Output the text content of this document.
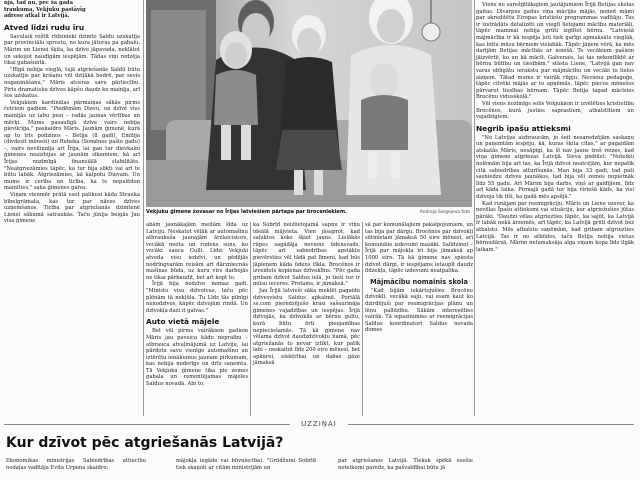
njā, tad nu, pēc šā gada
traukuma, Vekjuku pastāvīg
adrese atkal ir Latvijā.

Atved līdzi rudu īru

Savulaik rožtīt rīdzinieki dzimto Saldu uzskatīja par provinciālu sprostu, no kura jāturas pa gabalu. Mārim un Lienei šķita, ka dzīve jāpavada, neklātot un sekojot naudīgām iespējām. Tādas viņi redzēja tikai gabašuntā.

"Rīgā nebija vieglā, tajā atgriešanās Saldū būtu uzskatījis par krišanu vēl dziļākā bedrē, par sevis noganināšanu," Māris atceras savu pārliecību. Pirts dramatisku dzīves kāpšu daudz ko mainīja, arī šos uzskatus.

Vekjukiem kardinālas pārmaiņas sākās pirms četriem gadiem. "Piedēmām Dievu, un dzīvē viss mainījās uz labu pusi – radās jaunas vērtības un mērķi. Mums pasaulīgā dzīve vairs nebija pievilcīga," paskaidro Māris. Jaunām ģimenē, kurā ap to īrls podziņos – Betija (8 gadi), Emīlija (divdesit mēneši) un Rebeka (Somēnes pašlu gadu) –, vairs neviliņnīja arī Īrija, lai gan tur dievkalni ģimenes neaizbijas ar jaunām sīkumiem, kā arī Īrijas nozīmīgā finansiālā stabilitāte. "Neatgriezāmies tāpēc, ka tur bija slikti vai arī te būtu labāk. Atgriezāmies, lai kalpotu Dievam. Un mums ir cerība un ticība, ka te nepalēdon mainīties," saka ģimenes galva.

Viņam vienmēr prātā esot palikusi kāda Strauka bībelgrāmata, kas tur par nāves dzīves uzņemšanos. Ticība par atgriežanās dzimtenē Lienei sākumā satraukās. Taču jūnija beigās Jau visa ģimene

Vekjuku ģimene šovasar no Īrijas latviešiem pārtapa par brocenlekiem.	Andreja Sergejeva foto

abām jaunākajām meitām šīda uz Latviju. Neskatot vēlāk ar automašīnu atbraukuša jaunajām ārzlaicistors, vecākā meita un rudens suns, ko vecāki sauca Gulli. Līdzi Vekjuki atveda visu iedzīvi, un pēdējās nodrīngvarām reisām arī dārzniecnās mašīnas būda, uz kuru vīrs darbojās ne tikai pārbaudit, bet arī kopt to.

Īrijā bija nodzīvo nemaz gadi. "Ministo visu dzīvotvas, taču pēc plēnām tā nekļūla. Tu Līdz tās pilnīgi nenodzīvos, kāpēc dzīvojām rindā. Un dzīvokļa dazi it galvas."

Auto vietā mājele

Bet vēl pirms vairākiem gadiem Māris jau paveica kādu nepraību – atbrauca atvaļinājumā uz Latviju, lai pārdotu savu vienīgo automašīnu un iztērētu ienākumus jaunam pirkumam, kas nebija noderīgs un drīz saņemta. Tā Vekjuku ģimene tika pie zemes gabala un remontējamas mājeles Saldus novadā. Abi to,

ka Sobrīd neizlietojamā sapņu ir viņu ideālā mājvieta. Vien jāsaprot, kad saļuktos koks šķiet jauns. Lielākās rūpes sagādāja neviens ūdensvads, tāpēc arī sabiedrības apstāklu pievērsties vēl tādā pat līmeni, kad būs jāpieņem kāda ūdens tīkla. Brocēnos ir izveidots kopienas dzīvoklīns. "Pēc gada gribam dzīvot Saldus ielā, jo tieši tur ir mūsu ieceres. Protams, ir jāmaksā."

Jau Īrijā latvieši sāka meklēt pagaidu dzīvesvietu Saldus apkaimē. Portālā ss.com pieredzējušo krasi sašaurināja ģimenes vajadzības un iespējas. Īrijā dzīvojās, ka dzīvoklīs ar bērnu gultu, kurā būtu ērti pieejamības nepieciešamās. Tā kā ģimene nav vēlama dzīvot daudzdzīvokļu namā, pēc atgriežanās to nevar iztikt, kur patīk labi – neskaitot līdz 200 eiro mēnesī, bet apkurei, elektrībai un dabas gāze jāmaksā

sā par komunālajiem pakalpojumiem, un tas bija par dārgu. Brocēnos par dzīvokļi sūtmistam jāmaksā 50 eiro mēnesī, arī komunālie izdevumi mazāki. Salīdzinot – Īrijā par mājokļa īri bija jāmaksā ap 1000 eiro. Tā kā ģimene nav spiesta dzīvot dārgi, ir iespējams ietaupīt daudz līdzekļu, tāpēc izdevumi neatpalika.

Mājmācību nomainīs skola

"Kad bijām iekārtojušies Brocēnu dzīvoklī, vecākā saju, vai esam kaut ko dzirdējuši par reemigrācijas plānu un lēņu palīdzību. Sākām interesēties vairāk. Tā iepazinimies ar reemigrācijas Saldus koordinatori Saldus novada domes

Viens no sarežģītākajiem jautājumiem Īrijā Betijas skolas gaitas. Divarpus gadus viņa mācījās mājās, ņemot māmi par akreditētu Eiropas kristiešu programmas vadītāju. Tas ir izstrādāts detalizēti un vieglī lietojami mācību materiāli, tāpēc mammai nebija grūti izglītot bērnu. "Latviešā mājmācība ir kā iespēja ļoti tiek garīgi apmaksāts vieglāk, kas būtu mūsu bērniem vislabāk. Tāpēc jāņem vērā, ka mēs darījām Betijas mācībās ar ienešā. Te vecākiem pašiem jāizvērtē, ko un kā mācīt. Galvenais, lai tas nekonfliktē ar bērnu būtību un tiesībām," stāsta Liene, "Latvijā gan nav varas obligātu ierakstu par mājmācību un vecāki to lielos aizņem. Tātad mums ir vairāk rūpju. Nevienu pedagoģe, tāpēc cilvēki mājās ar to apņēmās, tāpēc piecos mēnešos pārvarot tiesības bērnam. Tāpēc Betija tagad mācīsies Brocēnu vidusskolā."

Vēl viens nozīmīgs solis Vekjukiem ir izvēlēties kristietību Brocēnos, kurā justies saprastiem, atbalstītiem un vajadzīgiem.

Negrib īpašu attieksmi

"No Latvijas aizbraucām, jo šeit nesaredzējām saskaņu un paņemtām iespēju, kā, kuras šķita citas," ar pagaidām atskatās Māris, nesāpīgi, ka šī nav jauns treš reizes, kad viņa ģimene atgriezas Latvijā. Sieva piebilst: "Noteikti nolēmām bija arī tas, ka Īrijā dzīvot neatcējām, kur nepatīk citā sabiedrības atturīšanās. Man bija 33 gadi, tad pati sasniedzu dzīves jaunākos, tad bija vēl zemes nopietnāk līdz 55 gadu. Arī Mārim bija darbs, viņš ar gaidījiem, līdz arī kāda laika. Pirmajā gadā tur bija vīriešā kāds, ka visi dzīvoja tik tīši, ka gadā mēs apsējā."

Kad runājam par reemigrāciju, Māris un Liene uzsver, ka nevēlas Īpašu attieksmi vai situāciju, kur atgriežušies jūtas pārāki. "Daudzi vēlas atgriezties tāpēc, ka sajūt, ka Latvijā ir labāk nekā ārzemēs, arī tāpēc, ka Latvijā grūti dzīvot bez atbalstu. Mēs atbalstu saņēmām, kad gribam atgriezties Latvijā. Tas ir no atbildes, taču Betija nebija vietas bērnudārzā, Mārim nelumaksāja alga viņam kopa līdz ilgāk laikam."

UZZIŅAI
Kur dzīvot pēc atgriešanās Latvijā?
Ekonomikas ministrijas Sabiedrības attiecību nodaļas vadītāja Evita Urpena skaidro:
mājokļa iegāde vai būvniecība). "Grūdžumi Sobrīd tiek skaņoti ar citām ministrijām un
par atgriešanos Latvijā. Tieksk spēkā esošie noteikumi paredz, ka pašvaldībai būtu jā
